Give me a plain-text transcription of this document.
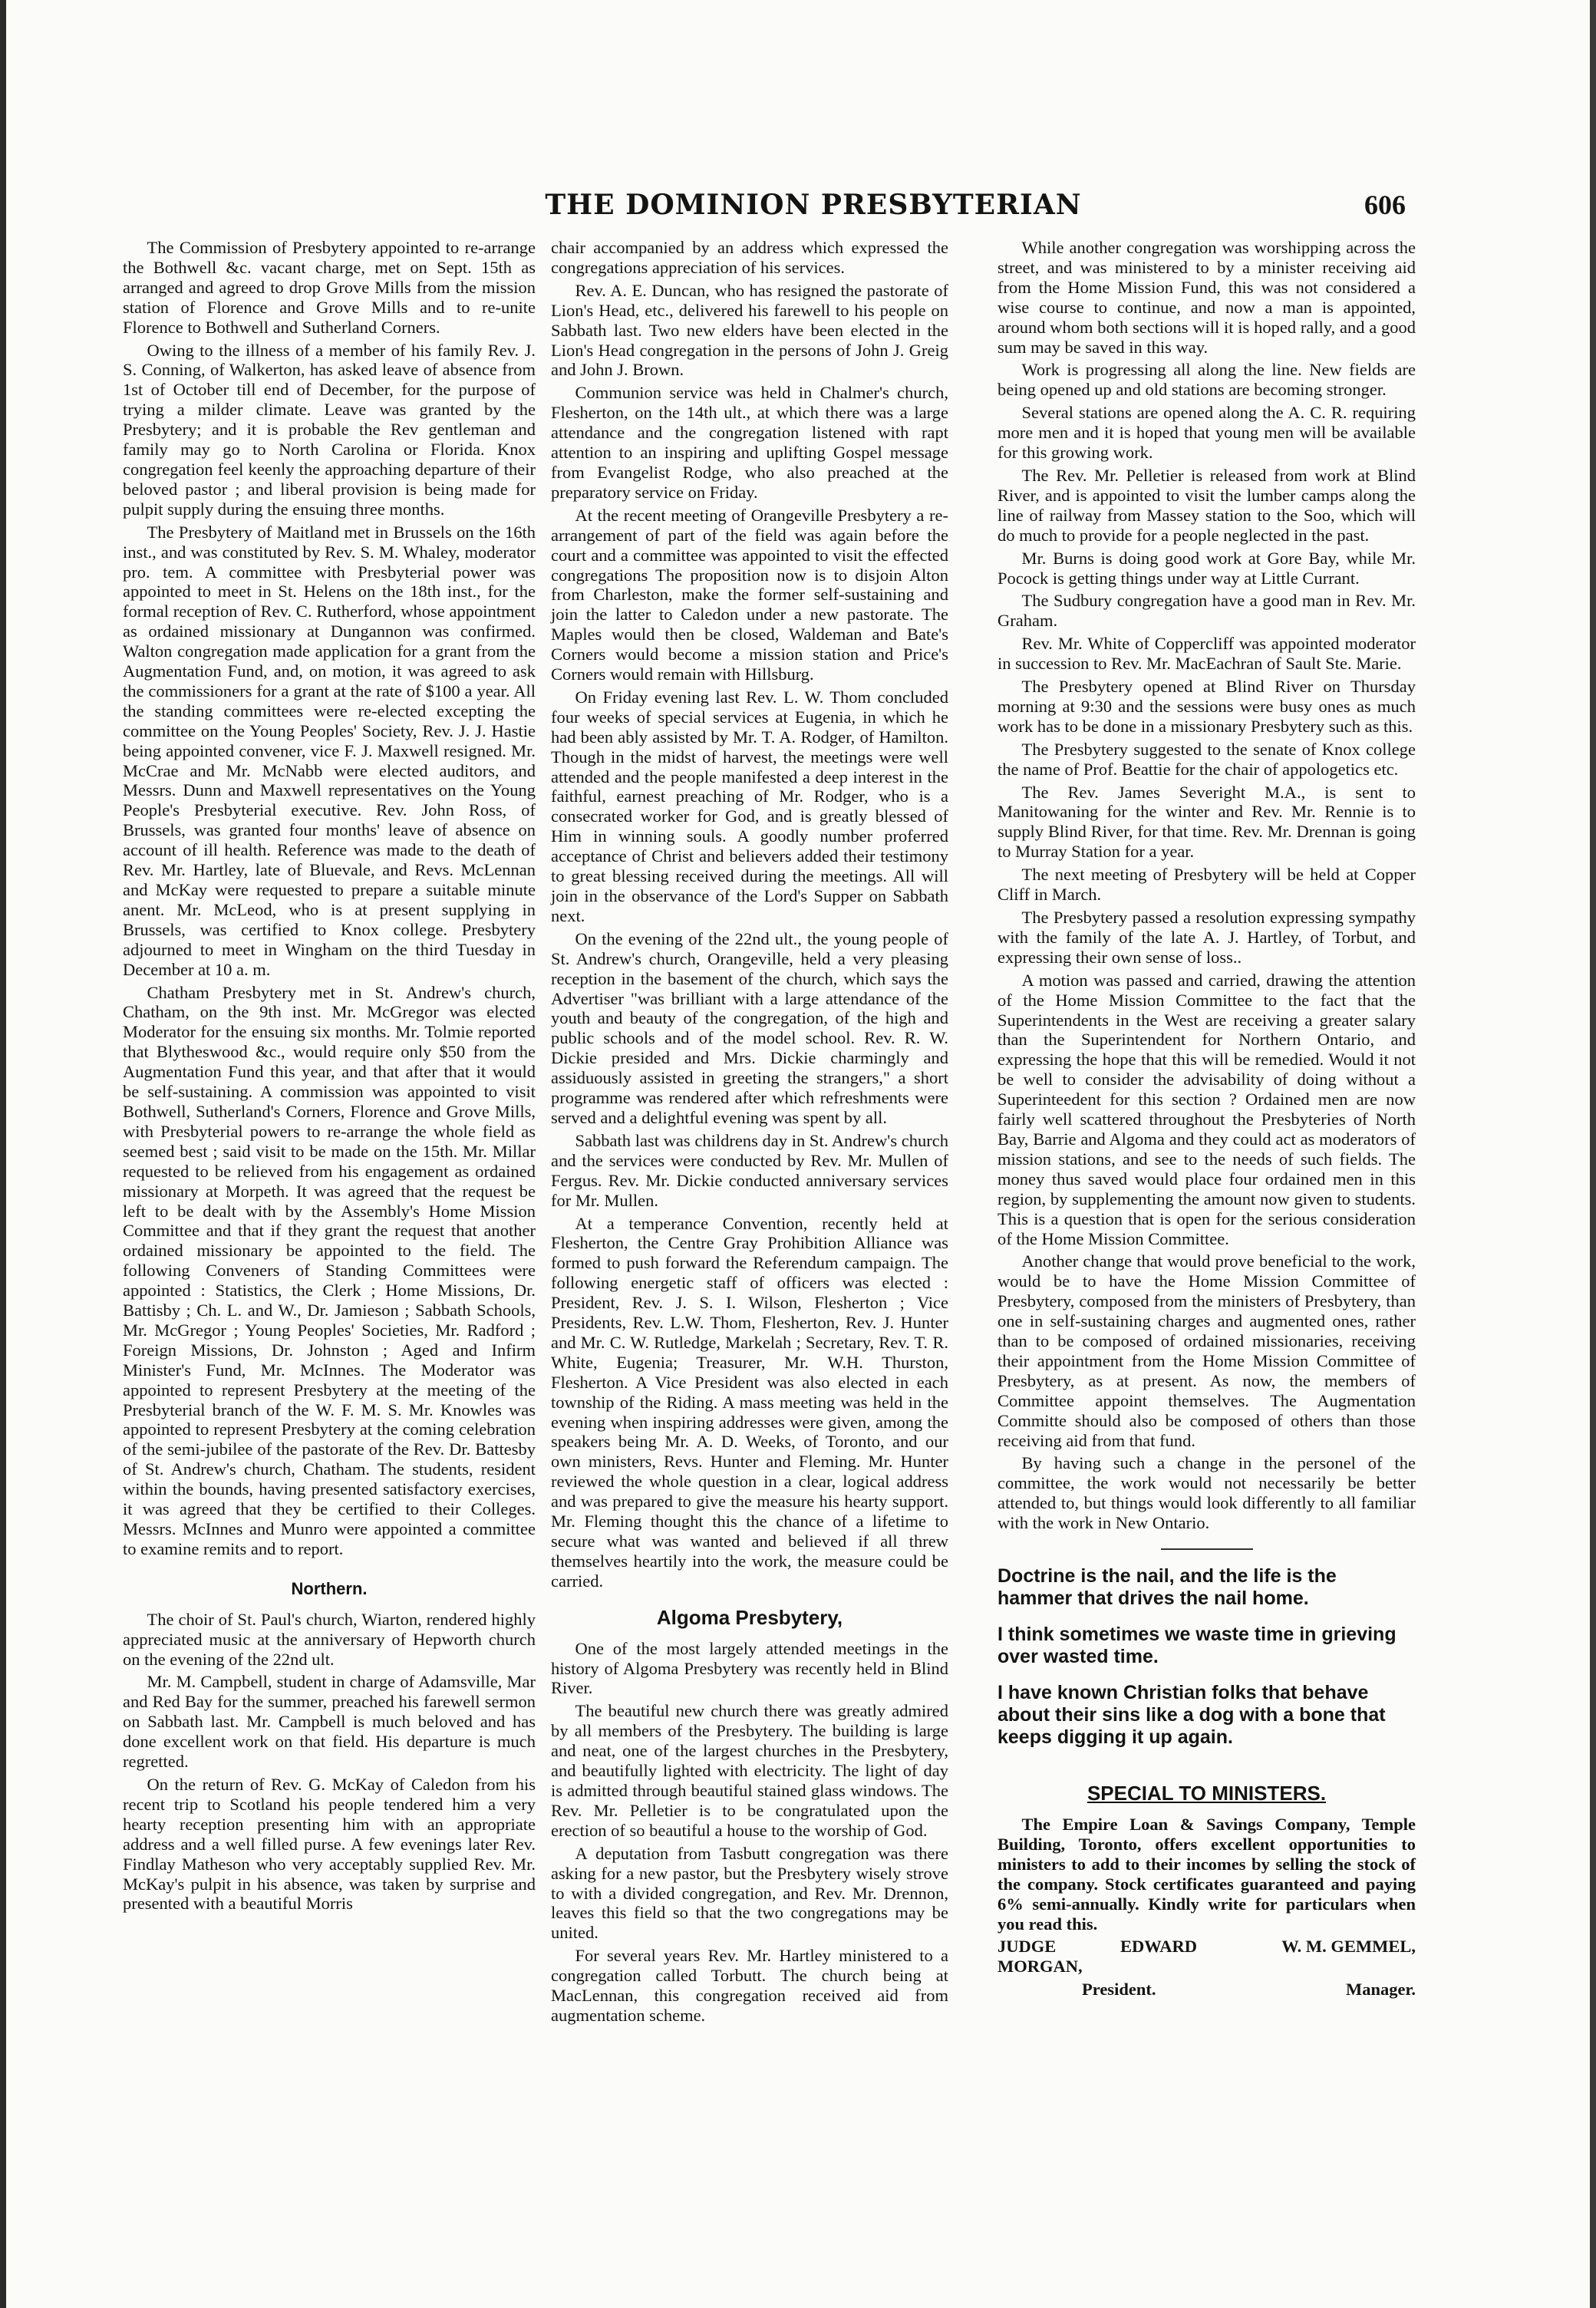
THE DOMINION PRESBYTERIAN	606

The Commission of Presbytery appointed to re-arrange the Bothwell &c. vacant charge, met on Sept. 15th as arranged and agreed to drop Grove Mills from the mission station of Florence and Grove Mills and to re-unite Florence to Bothwell and Sutherland Corners.

Owing to the illness of a member of his family Rev. J. S. Conning, of Walkerton, has asked leave of absence from 1st of October till end of December, for the purpose of trying a milder climate. Leave was granted by the Presbytery; and it is probable the Rev gentleman and family may go to North Carolina or Florida. Knox congregation feel keenly the approaching departure of their beloved pastor ; and liberal provision is being made for pulpit supply during the ensuing three months.

The Presbytery of Maitland met in Brussels on the 16th inst., and was constituted by Rev. S. M. Whaley, moderator pro. tem. A committee with Presbyterial power was appointed to meet in St. Helens on the 18th inst., for the formal reception of Rev. C. Rutherford, whose appointment as ordained missionary at Dungannon was confirmed. Walton congregation made application for a grant from the Augmentation Fund, and, on motion, it was agreed to ask the commissioners for a grant at the rate of $100 a year. All the standing committees were re-elected excepting the committee on the Young Peoples' Society, Rev. J. J. Hastie being appointed convener, vice F. J. Maxwell resigned. Mr. McCrae and Mr. McNabb were elected auditors, and Messrs. Dunn and Maxwell representatives on the Young People's Presbyterial executive. Rev. John Ross, of Brussels, was granted four months' leave of absence on account of ill health. Reference was made to the death of Rev. Mr. Hartley, late of Bluevale, and Revs. McLennan and McKay were requested to prepare a suitable minute anent. Mr. McLeod, who is at present supplying in Brussels, was certified to Knox college. Presbytery adjourned to meet in Wingham on the third Tuesday in December at 10 a. m.

Chatham Presbytery met in St. Andrew's church, Chatham, on the 9th inst. Mr. McGregor was elected Moderator for the ensuing six months. Mr. Tolmie reported that Blytheswood &c., would require only $50 from the Augmentation Fund this year, and that after that it would be self-sustaining. A commission was appointed to visit Bothwell, Sutherland's Corners, Florence and Grove Mills, with Presbyterial powers to re-arrange the whole field as seemed best ; said visit to be made on the 15th. Mr. Millar requested to be relieved from his engagement as ordained missionary at Morpeth. It was agreed that the request be left to be dealt with by the Assembly's Home Mission Committee and that if they grant the request that another ordained missionary be appointed to the field. The following Conveners of Standing Committees were appointed : Statistics, the Clerk ; Home Missions, Dr. Battisby ; Ch. L. and W., Dr. Jamieson ; Sabbath Schools, Mr. McGregor ; Young Peoples' Societies, Mr. Radford ; Foreign Missions, Dr. Johnston ; Aged and Infirm Minister's Fund, Mr. McInnes. The Moderator was appointed to represent Presbytery at the meeting of the Presbyterial branch of the W. F. M. S. Mr. Knowles was appointed to represent Presbytery at the coming celebration of the semi-jubilee of the pastorate of the Rev. Dr. Battesby of St. Andrew's church, Chatham. The students, resident within the bounds, having presented satisfactory exercises, it was agreed that they be certified to their Colleges. Messrs. McInnes and Munro were appointed a committee to examine remits and to report.

Northern.

The choir of St. Paul's church, Wiarton, rendered highly appreciated music at the anniversary of Hepworth church on the evening of the 22nd ult.

Mr. M. Campbell, student in charge of Adamsville, Mar and Red Bay for the summer, preached his farewell sermon on Sabbath last. Mr. Campbell is much beloved and has done excellent work on that field. His departure is much regretted.

On the return of Rev. G. McKay of Caledon from his recent trip to Scotland his people tendered him a very hearty reception presenting him with an appropriate address and a well filled purse. A few evenings later Rev. Findlay Matheson who very acceptably supplied Rev. Mr. McKay's pulpit in his absence, was taken by surprise and presented with a beautiful Morris

chair accompanied by an address which expressed the congregations appreciation of his services.

Rev. A. E. Duncan, who has resigned the pastorate of Lion's Head, etc., delivered his farewell to his people on Sabbath last. Two new elders have been elected in the Lion's Head congregation in the persons of John J. Greig and John J. Brown.

Communion service was held in Chalmer's church, Flesherton, on the 14th ult., at which there was a large attendance and the congregation listened with rapt attention to an inspiring and uplifting Gospel message from Evangelist Rodge, who also preached at the preparatory service on Friday.

At the recent meeting of Orangeville Presbytery a re-arrangement of part of the field was again before the court and a committee was appointed to visit the effected congregations The proposition now is to disjoin Alton from Charleston, make the former self-sustaining and join the latter to Caledon under a new pastorate. The Maples would then be closed, Waldeman and Bate's Corners would become a mission station and Price's Corners would remain with Hillsburg.

On Friday evening last Rev. L. W. Thom concluded four weeks of special services at Eugenia, in which he had been ably assisted by Mr. T. A. Rodger, of Hamilton. Though in the midst of harvest, the meetings were well attended and the people manifested a deep interest in the faithful, earnest preaching of Mr. Rodger, who is a consecrated worker for God, and is greatly blessed of Him in winning souls. A goodly number proferred acceptance of Christ and believers added their testimony to great blessing received during the meetings. All will join in the observance of the Lord's Supper on Sabbath next.

On the evening of the 22nd ult., the young people of St. Andrew's church, Orangeville, held a very pleasing reception in the basement of the church, which says the Advertiser "was brilliant with a large attendance of the youth and beauty of the congregation, of the high and public schools and of the model school. Rev. R. W. Dickie presided and Mrs. Dickie charmingly and assiduously assisted in greeting the strangers," a short programme was rendered after which refreshments were served and a delightful evening was spent by all.

Sabbath last was childrens day in St. Andrew's church and the services were conducted by Rev. Mr. Mullen of Fergus. Rev. Mr. Dickie conducted anniversary services for Mr. Mullen.

At a temperance Convention, recently held at Flesherton, the Centre Gray Prohibition Alliance was formed to push forward the Referendum campaign. The following energetic staff of officers was elected : President, Rev. J. S. I. Wilson, Flesherton ; Vice Presidents, Rev. L.W. Thom, Flesherton, Rev. J. Hunter and Mr. C. W. Rutledge, Markelah ; Secretary, Rev. T. R. White, Eugenia; Treasurer, Mr. W.H. Thurston, Flesherton. A Vice President was also elected in each township of the Riding. A mass meeting was held in the evening when inspiring addresses were given, among the speakers being Mr. A. D. Weeks, of Toronto, and our own ministers, Revs. Hunter and Fleming. Mr. Hunter reviewed the whole question in a clear, logical address and was prepared to give the measure his hearty support. Mr. Fleming thought this the chance of a lifetime to secure what was wanted and believed if all threw themselves heartily into the work, the measure could be carried.

Algoma Presbytery,

One of the most largely attended meetings in the history of Algoma Presbytery was recently held in Blind River.

The beautiful new church there was greatly admired by all members of the Presbytery. The building is large and neat, one of the largest churches in the Presbytery, and beautifully lighted with electricity. The light of day is admitted through beautiful stained glass windows. The Rev. Mr. Pelletier is to be congratulated upon the erection of so beautiful a house to the worship of God.

A deputation from Tasbutt congregation was there asking for a new pastor, but the Presbytery wisely strove to with a divided congregation, and Rev. Mr. Drennon, leaves this field so that the two congregations may be united.

For several years Rev. Mr. Hartley ministered to a congregation called Torbutt. The church being at MacLennan, this congregation received aid from augmentation scheme.

While another congregation was worshipping across the street, and was ministered to by a minister receiving aid from the Home Mission Fund, this was not considered a wise course to continue, and now a man is appointed, around whom both sections will it is hoped rally, and a good sum may be saved in this way.

Work is progressing all along the line. New fields are being opened up and old stations are becoming stronger.

Several stations are opened along the A. C. R. requiring more men and it is hoped that young men will be available for this growing work.

The Rev. Mr. Pelletier is released from work at Blind River, and is appointed to visit the lumber camps along the line of railway from Massey station to the Soo, which will do much to provide for a people neglected in the past.

Mr. Burns is doing good work at Gore Bay, while Mr. Pocock is getting things under way at Little Currant.

The Sudbury congregation have a good man in Rev. Mr. Graham.

Rev. Mr. White of Coppercliff was appointed moderator in succession to Rev. Mr. MacEachran of Sault Ste. Marie.

The Presbytery opened at Blind River on Thursday morning at 9:30 and the sessions were busy ones as much work has to be done in a missionary Presbytery such as this.

The Presbytery suggested to the senate of Knox college the name of Prof. Beattie for the chair of appologetics etc.

The Rev. James Severight M.A., is sent to Manitowaning for the winter and Rev. Mr. Rennie is to supply Blind River, for that time. Rev. Mr. Drennan is going to Murray Station for a year.

The next meeting of Presbytery will be held at Copper Cliff in March.

The Presbytery passed a resolution expressing sympathy with the family of the late A. J. Hartley, of Torbut, and expressing their own sense of loss..

A motion was passed and carried, drawing the attention of the Home Mission Committee to the fact that the Superintendents in the West are receiving a greater salary than the Superintendent for Northern Ontario, and expressing the hope that this will be remedied. Would it not be well to consider the advisability of doing without a Superinteedent for this section ? Ordained men are now fairly well scattered throughout the Presbyteries of North Bay, Barrie and Algoma and they could act as moderators of mission stations, and see to the needs of such fields. The money thus saved would place four ordained men in this region, by supplementing the amount now given to students. This is a question that is open for the serious consideration of the Home Mission Committee.

Another change that would prove beneficial to the work, would be to have the Home Mission Committee of Presbytery, composed from the ministers of Presbytery, than one in self-sustaining charges and augmented ones, rather than to be composed of ordained missionaries, receiving their appointment from the Home Mission Committee of Presbytery, as at present. As now, the members of Committee appoint themselves. The Augmentation Committe should also be composed of others than those receiving aid from that fund.

By having such a change in the personel of the committee, the work would not necessarily be better attended to, but things would look differently to all familiar with the work in New Ontario.

Doctrine is the nail, and the life is the hammer that drives the nail home.
I think sometimes we waste time in grieving over wasted time.
I have known Christian folks that behave about their sins like a dog with a bone that keeps digging it up again.
SPECIAL TO MINISTERS.

The Empire Loan & Savings Company, Temple Building, Toronto, offers excellent opportunities to ministers to add to their incomes by selling the stock of the company. Stock certificates guaranteed and paying 6% semi-annually. Kindly write for particulars when you read this.

JUDGE EDWARD MORGAN,
W. M. GEMMEL,
President.	Manager.
